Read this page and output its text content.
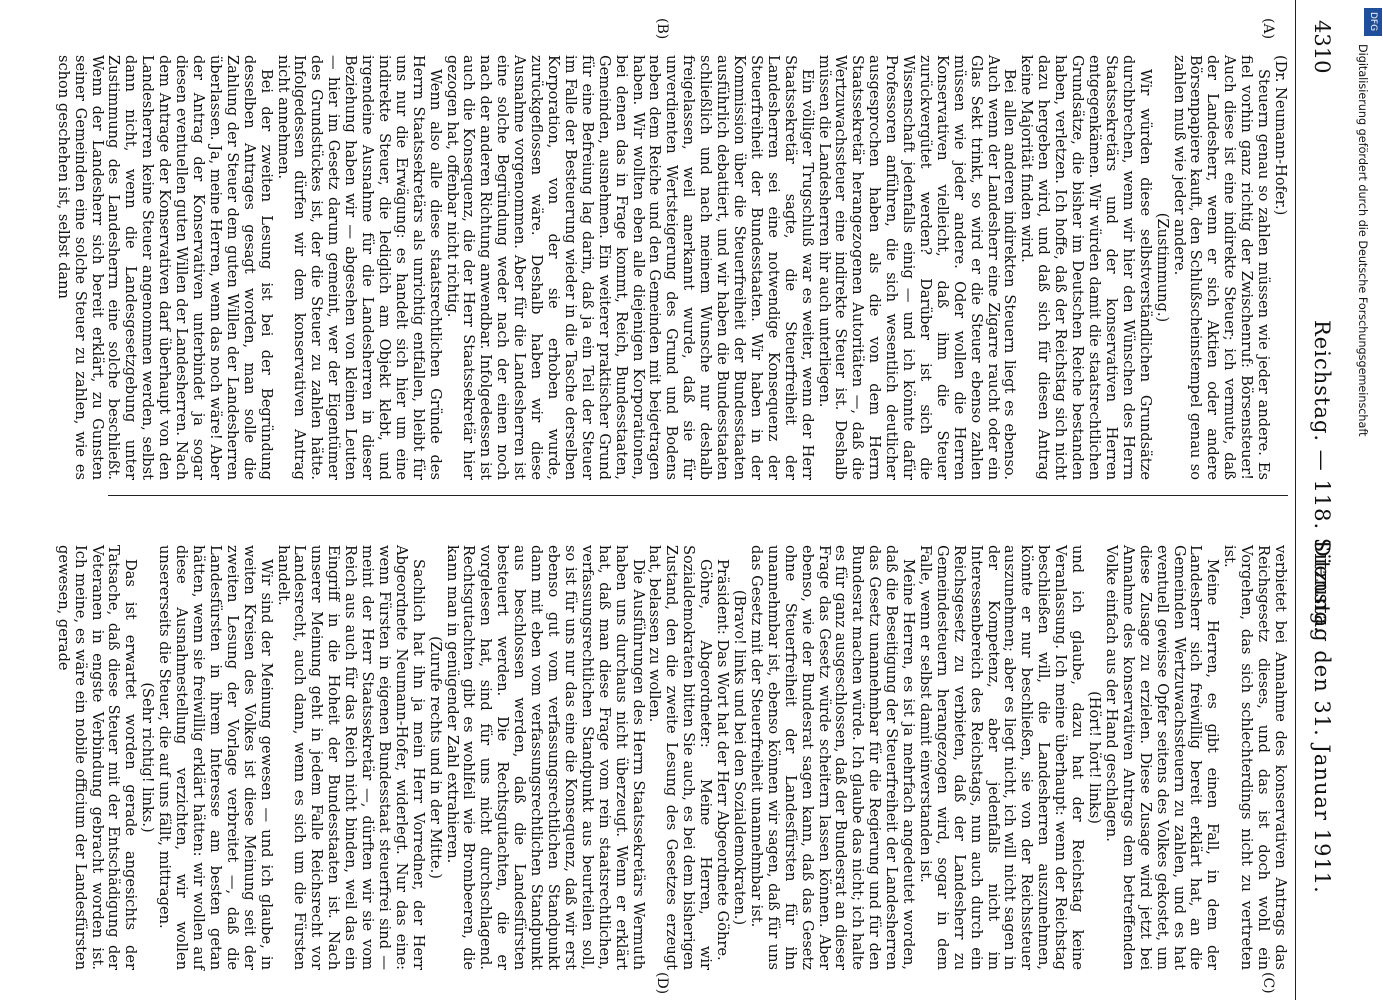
4310
Reichstag. — 118. Sitzung.
Dienstag den 31. Januar 1911.
(A)
(B)
(C)
(D)

(Dr. Neumann-Hofer.)

Steuern genau so zahlen müssen wie jeder andere. Es fiel vorhin ganz richtig der Zwischenruf: Börsensteuer! Auch diese ist eine indirekte Steuer; ich vermute, daß der Landesherr, wenn er sich Aktien oder andere Börsenpapiere kauft, den Schlußscheinstempel genau so zahlen muß wie jeder andere.

(Zustimmung.)

Wir würden diese selbstverständlichen Grundsätze durchbrechen, wenn wir hier den Wünschen des Herrn Staatssekretärs und der konservativen Herren entgegenkämen. Wir würden damit die staatsrechtlichen Grundsätze, die bisher im Deutschen Reiche bestanden haben, verletzen. Ich hoffe, daß der Reichstag sich nicht dazu hergeben wird, und daß sich für diesen Antrag keine Majorität finden wird.

Bei allen anderen indirekten Steuern liegt es ebenso. Auch wenn der Landesherr eine Zigarre raucht oder ein Glas Sekt trinkt, so wird er die Steuer ebenso zahlen müssen wie jeder andere. Oder wollen die Herren Konservativen vielleicht, daß ihm die Steuer zurückvergütet werden? Darüber ist sich die Wissenschaft jedenfalls einig — und ich könnte dafür Professoren anführen, die sich wesentlich deutlicher ausgesprochen haben als die von dem Herrn Staatssekretär herangezogenen Autoritäten —, daß die Wertzuwachssteuer eine indirekte Steuer ist. Deshalb müssen die Landesherren ihr auch unterliegen.

Ein völliger Trugschluß war es weiter, wenn der Herr Staatssekretär sagte, die Steuerfreiheit der Landesherren sei eine notwendige Konsequenz der Steuerfreiheit der Bundesstaaten. Wir haben in der Kommission über die Steuerfreiheit der Bundesstaaten ausführlich debattiert, und wir haben die Bundesstaaten schließlich und nach meinem Wunsche nur deshalb freigelassen, weil anerkannt wurde, daß sie für unverdienten Wertsteigerung des Grund und Bodens neben dem Reiche und den Gemeinden mit beigetragen haben. Wir wollten eben alle diejenigen Korporationen, bei denen das in Frage kommt, Reich, Bundesstaaten, Gemeinden, ausnehmen. Ein weiterer praktischer Grund für eine Befreiung lag darin, daß ja ein Teil der Steuer im Falle der Besteuerung wieder in die Tasche derselben Korporation, von der sie erhoben wurde, zurückgeflossen wäre. Deshalb haben wir diese Ausnahme vorgenommen. Aber für die Landesherren ist eine solche Begründung weder nach der einen noch nach der anderen Richtung anwendbar. Infolgedessen ist auch die Konsequenz, die der Herr Staatssekretär hier gezogen hat, offenbar nicht richtig.

Wenn also alle diese staatsrechtlichen Gründe des Herrn Staatssekretärs als unrichtig entfallen, bleibt für uns nur die Erwägung: es handelt sich hier um eine indirekte Steuer, die lediglich am Objekt klebt, und irgendeine Ausnahme für die Landesherren in dieser Beziehung haben wir — abgesehen von kleinen Leuten — hier im Gesetz darum gemeint, wer der Eigentümer des Grundstückes ist, der die Steuer zu zahlen hätte. Infolgedessen dürfen wir dem konservativen Antrag nicht annehmen.

Bei der zweiten Lesung ist bei der Begründung desselben Antrages gesagt worden, man solle die Zahlung der Steuer dem guten Willen der Landesherren überlassen. Ja, meine Herren, wenn das noch wäre! Aber der Antrag der Konservativen unterbindet ja sogar diesen eventuellen guten Willen der Landesherren. Nach dem Antrage der Konservativen darf überhaupt von den Landesherren keine Steuer angenommen werden, selbst dann nicht, wenn die Landesgesetzgebung unter Zustimmung des Landesherrn eine solche beschließt. Wenn der Landesherr sich bereit erklärt, zu Gunsten seiner Gemeinden eine solche Steuer zu zahlen, wie es schon geschehen ist, selbst dann

verbietet bei Annahme des konservativen Antrags das Reichsgesetz dieses, und das ist doch wohl ein Vorgehen, das sich schlechterdings nicht zu vertreten ist.

Meine Herren, es gibt einen Fall, in dem der Landesherr sich freiwillig bereit erklärt hat, an die Gemeinden Wertzuwachssteuern zu zahlen, und es hat eventuell gewisse Opfer seitens des Volkes gekostet, um diese Zusage zu erzielen. Diese Zusage wird jetzt bei Annahme des konservativen Antrags dem betreffenden Volke einfach aus der Hand geschlagen.

(Hört! hört! links)

und ich glaube, dazu hat der Reichstag keine Veranlassung. Ich meine überhaupt: wenn der Reichstag beschließen will, die Landesherren auszunehmen, könnte er nur beschließen, sie von der Reichssteuer auszunehmen; aber es liegt nicht, ich will nicht sagen in der Kompetenz, aber jedenfalls nicht im Interessenbereich des Reichstags, nun auch durch ein Reichsgesetz zu verbieten, daß der Landesherr zu Gemeindesteuern herangezogen wird, sogar in dem Falle, wenn er selbst damit einverstanden ist.

Meine Herren, es ist ja mehrfach angedeutet worden, daß die Beseitigung der Steuerfreiheit der Landesherren das Gesetz unannehmbar für die Regierung und für den Bundesrat machen würde. Ich glaube das nicht; ich halte es für ganz ausgeschlossen, daß der Bundesrat an dieser Frage das Gesetz würde scheitern lassen können. Aber ebenso, wie der Bundesrat sagen kann, daß das Gesetz ohne Steuerfreiheit der Landesfürsten für ihn unannehmbar ist, ebenso können wir sagen, daß für uns das Gesetz mit der Steuerfreiheit unannehmbar ist.

(Bravo! links und bei den Sozialdemokraten.)

Präsident: Das Wort hat der Herr Abgeordnete Göhre.

Göhre, Abgeordneter: Meine Herren, wir Sozialdemokraten bitten Sie auch, es bei dem bisherigen Zustand, den die zweite Lesung des Gesetzes erzeugt hat, belassen zu wollen.

Die Ausführungen des Herrn Staatssekretärs Wermuth haben uns durchaus nicht überzeugt. Wenn er erklärt hat, daß man diese Frage vom rein staatsrechtlichen, verfassungsrechtlichen Standpunkt aus beurteilen soll, so ist für uns nur das eine die Konsequenz, daß wir erst ebenso gut vom verfassungsrechtlichen Standpunkt dann mit eben vom verfassungsrechtlichen Standpunkt aus beschlossen werden, daß die Landesfürsten besteuert werden. Die Rechtsgutachten, die er vorgelesen hat, sind für uns nicht durchschlagend. Rechtsgutachten gibt es wohlfeil wie Brombeeren, die kann man in genügender Zahl extrahieren.

(Zurufe rechts und in der Mitte.)

Sachlich hat ihn ja mein Herr Vorredner, der Herr Abgeordnete Neumann-Hofer, widerlegt. Nur das eine: wenn Fürsten in eigenen Bundesstaat steuerfrei sind — meint der Herr Staatssekretär —, dürften wir sie vom Reich aus auch für das Reich nicht binden, weil das ein Eingriff in die Hoheit der Bundesstaaten ist. Nach unserer Meinung geht in jedem Falle Reichsrecht vor Landesrecht, auch dann, wenn es sich um die Fürsten handelt.

Wir sind der Meinung gewesen — und ich glaube, in weiten Kreisen des Volkes ist diese Meinung seit der zweiten Lesung der Vorlage verbreitet —, daß die Landesfürsten in ihrem Interesse am besten getan hätten, wenn sie freiwillig erklärt hätten: wir wollen auf diese Ausnahmestellung verzichten, wir wollen unsererseits die Steuer, die auf uns fällt, mittragen.

(Sehr richtig! links.)

Das ist erwartet worden gerade angesichts der Tatsache, daß diese Steuer mit der Entschädigung der Veteranen in engste Verbindung gebracht worden ist. Ich meine, es wäre ein nobile officium der Landesfürsten gewesen, gerade

DFG
Digitalisierung gefördert durch die Deutsche Forschungsgemeinschaft
